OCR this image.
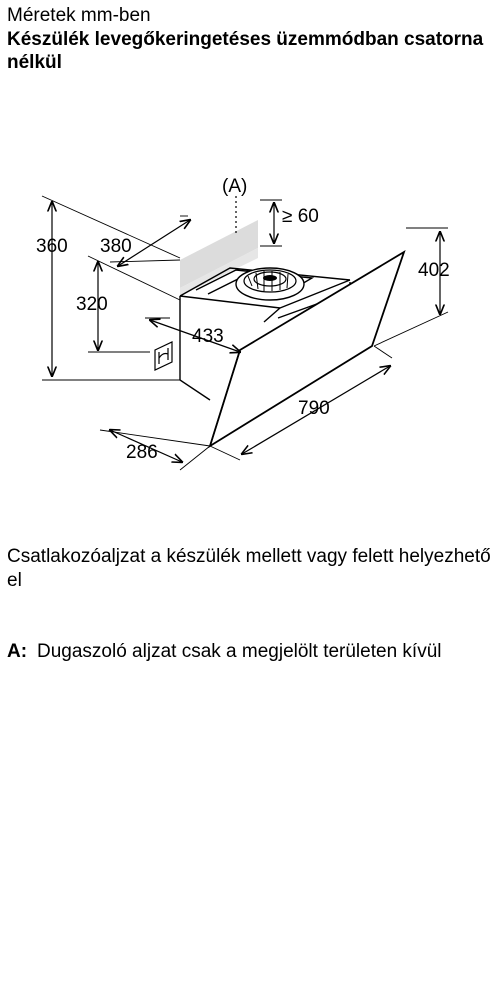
Méretek mm-ben
Készülék levegőkeringetéses üzemmódban csatorna nélkül
360 380
320
433
≥ 60
(A)
402
790
286
Csatlakozóaljzat a készülék mellett vagy felett helyezhető el
A: Dugaszoló aljzat csak a megjelölt területen kívül
